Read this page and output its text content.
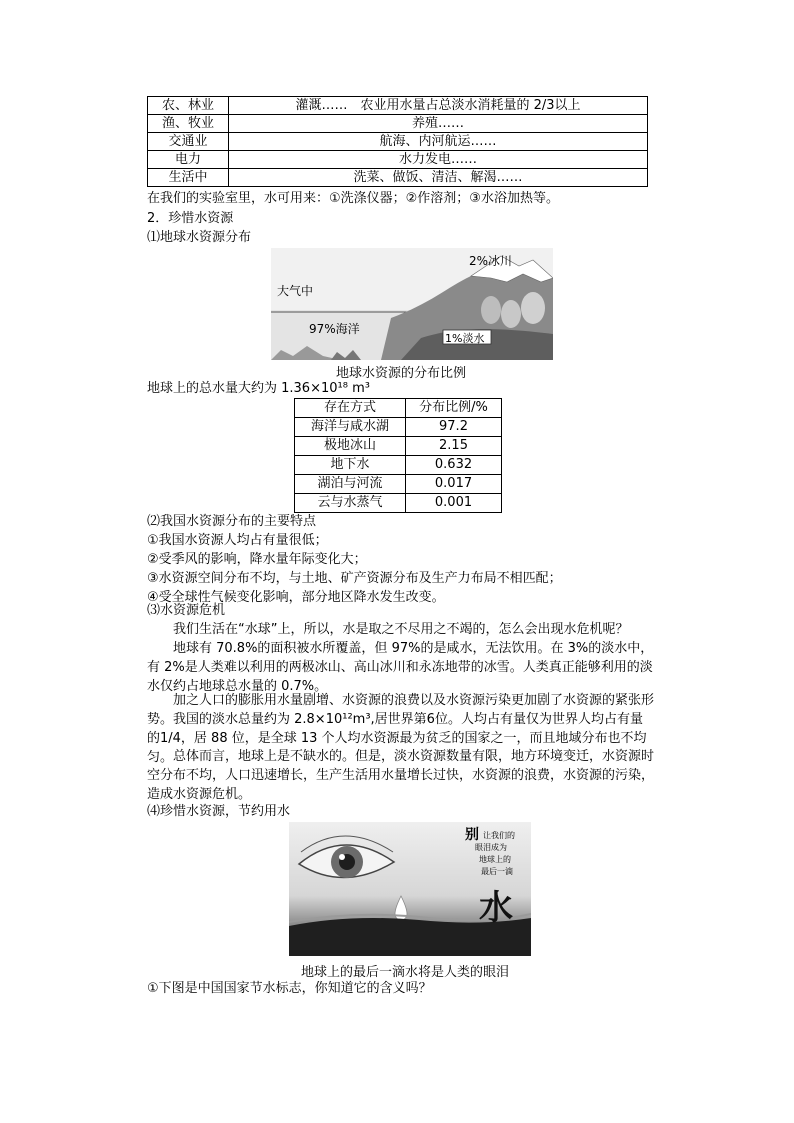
农、林业	灌溉……　农业用水量占总淡水消耗量的 2/3以上
渔、牧业	养殖……
交通业	航海、内河航运……
电力	水力发电……
生活中	洗菜、做饭、清洁、解渴……
在我们的实验室里，水可用来：①洗涤仪器；②作溶剂；③水浴加热等。
2．珍惜水资源
⑴地球水资源分布
2%冰川
大气中
97%海洋
1%淡水
地球水资源的分布比例
地球上的总水量大约为 1.36×10¹⁸ m³
存在方式	分布比例/%
海洋与咸水湖	97.2
极地冰山	2.15
地下水	0.632
湖泊与河流	0.017
云与水蒸气	0.001
⑵我国水资源分布的主要特点
①我国水资源人均占有量很低；
②受季风的影响，降水量年际变化大；
③水资源空间分布不均，与土地、矿产资源分布及生产力布局不相匹配；
④受全球性气候变化影响，部分地区降水发生改变。
⑶水资源危机
我们生活在“水球”上，所以，水是取之不尽用之不竭的，怎么会出现水危机呢？
地球有 70.8%的面积被水所覆盖，但 97%的是咸水，无法饮用。在 3%的淡水中，有 2%是人类难以利用的两极冰山、高山冰川和永冻地带的冰雪。人类真正能够利用的淡水仅约占地球总水量的 0.7%。
加之人口的膨胀用水量剧增、水资源的浪费以及水资源污染更加剧了水资源的紧张形势。 我国的淡水总量约为 2.8×10¹²m³,居世界第6位。人均占有量仅为世界人均占有量的1/4，居 88 位，是全球 13 个人均水资源最为贫乏的国家之一，而且地域分布也不均匀。 总体而言，地球上是不缺水的。但是，淡水资源数量有限，地方环境变迁，水资源时空分布不均，人口迅速增长，生产生活用水量增长过快，水资源的浪费，水资源的污染，造成水资源危机。
⑷珍惜水资源，节约用水
别 让我们的
眼泪成为
地球上的
最后一滴
水
地球上的最后一滴水将是人类的眼泪
①下图是中国国家节水标志，你知道它的含义吗？
